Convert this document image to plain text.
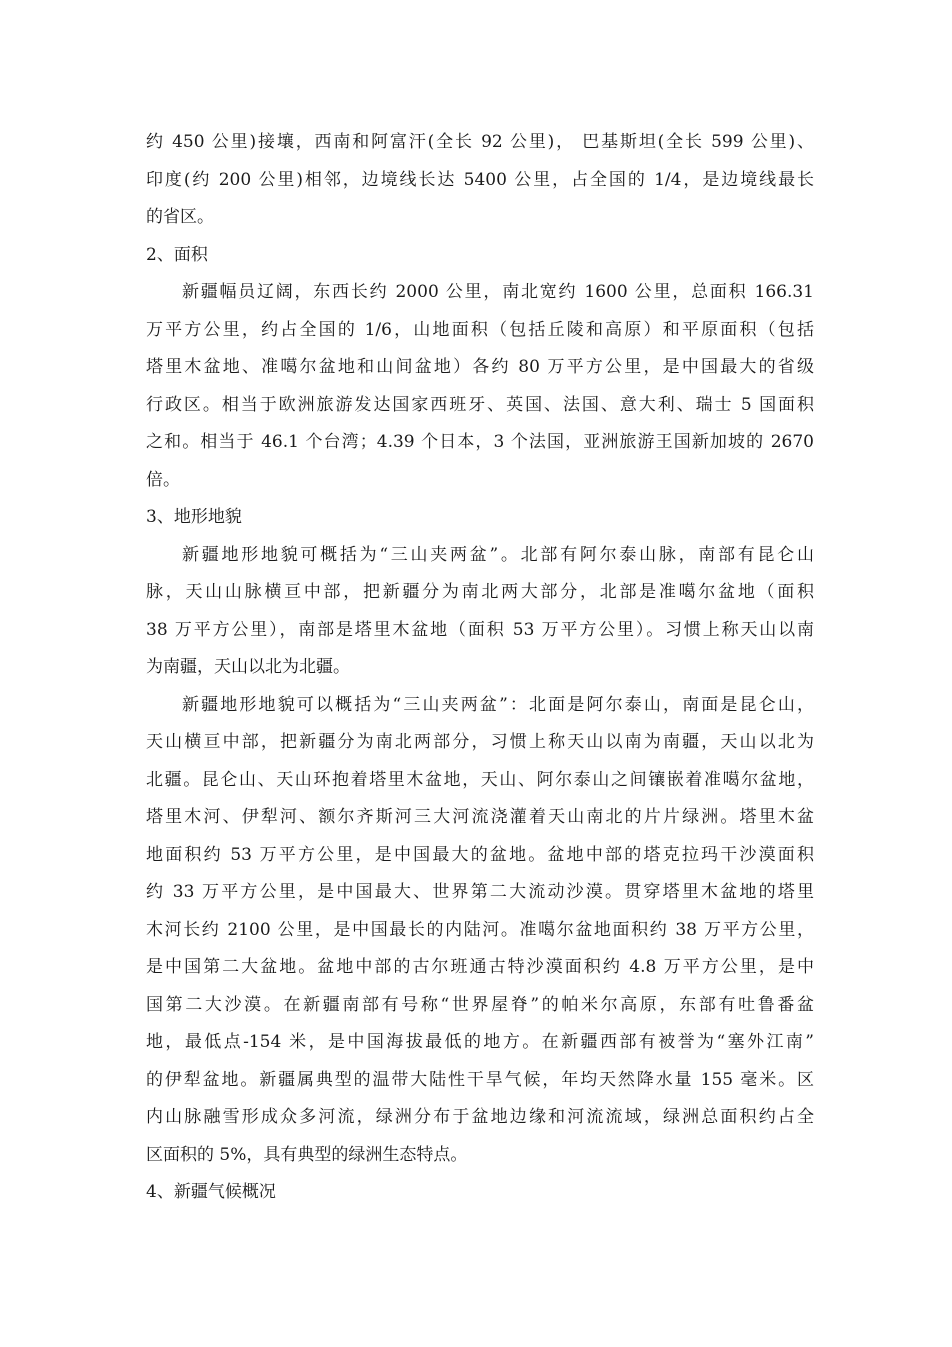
约 450 公里)接壤，西南和阿富汗(全长 92 公里)， 巴基斯坦(全长 599 公里)、
印度(约 200 公里)相邻，边境线长达 5400 公里，占全国的 1/4，是边境线最长
的省区。
2、面积
新疆幅员辽阔，东西长约 2000 公里，南北宽约 1600 公里，总面积 166.31
万平方公里，约占全国的 1/6，山地面积（包括丘陵和高原）和平原面积（包括
塔里木盆地、准噶尔盆地和山间盆地）各约 80 万平方公里，是中国最大的省级
行政区。相当于欧洲旅游发达国家西班牙、英国、法国、意大利、瑞士 5 国面积
之和。相当于 46.1 个台湾；4.39 个日本，3 个法国，亚洲旅游王国新加坡的 2670
倍。
3、地形地貌
新疆地形地貌可概括为“三山夹两盆”。北部有阿尔泰山脉，南部有昆仑山
脉，天山山脉横亘中部，把新疆分为南北两大部分，北部是准噶尔盆地（面积
38 万平方公里），南部是塔里木盆地（面积 53 万平方公里）。习惯上称天山以南
为南疆，天山以北为北疆。
新疆地形地貌可以概括为“三山夹两盆”：北面是阿尔泰山，南面是昆仑山，
天山横亘中部，把新疆分为南北两部分，习惯上称天山以南为南疆，天山以北为
北疆。昆仑山、天山环抱着塔里木盆地，天山、阿尔泰山之间镶嵌着准噶尔盆地，
塔里木河、伊犁河、额尔齐斯河三大河流浇灌着天山南北的片片绿洲。塔里木盆
地面积约 53 万平方公里，是中国最大的盆地。盆地中部的塔克拉玛干沙漠面积
约 33 万平方公里，是中国最大、世界第二大流动沙漠。贯穿塔里木盆地的塔里
木河长约 2100 公里，是中国最长的内陆河。准噶尔盆地面积约 38 万平方公里，
是中国第二大盆地。盆地中部的古尔班通古特沙漠面积约 4.8 万平方公里，是中
国第二大沙漠。在新疆南部有号称“世界屋脊”的帕米尔高原，东部有吐鲁番盆
地，最低点-154 米，是中国海拔最低的地方。在新疆西部有被誉为“塞外江南”
的伊犁盆地。新疆属典型的温带大陆性干旱气候，年均天然降水量 155 毫米。区
内山脉融雪形成众多河流，绿洲分布于盆地边缘和河流流域，绿洲总面积约占全
区面积的 5%，具有典型的绿洲生态特点。
4、新疆气候概况
